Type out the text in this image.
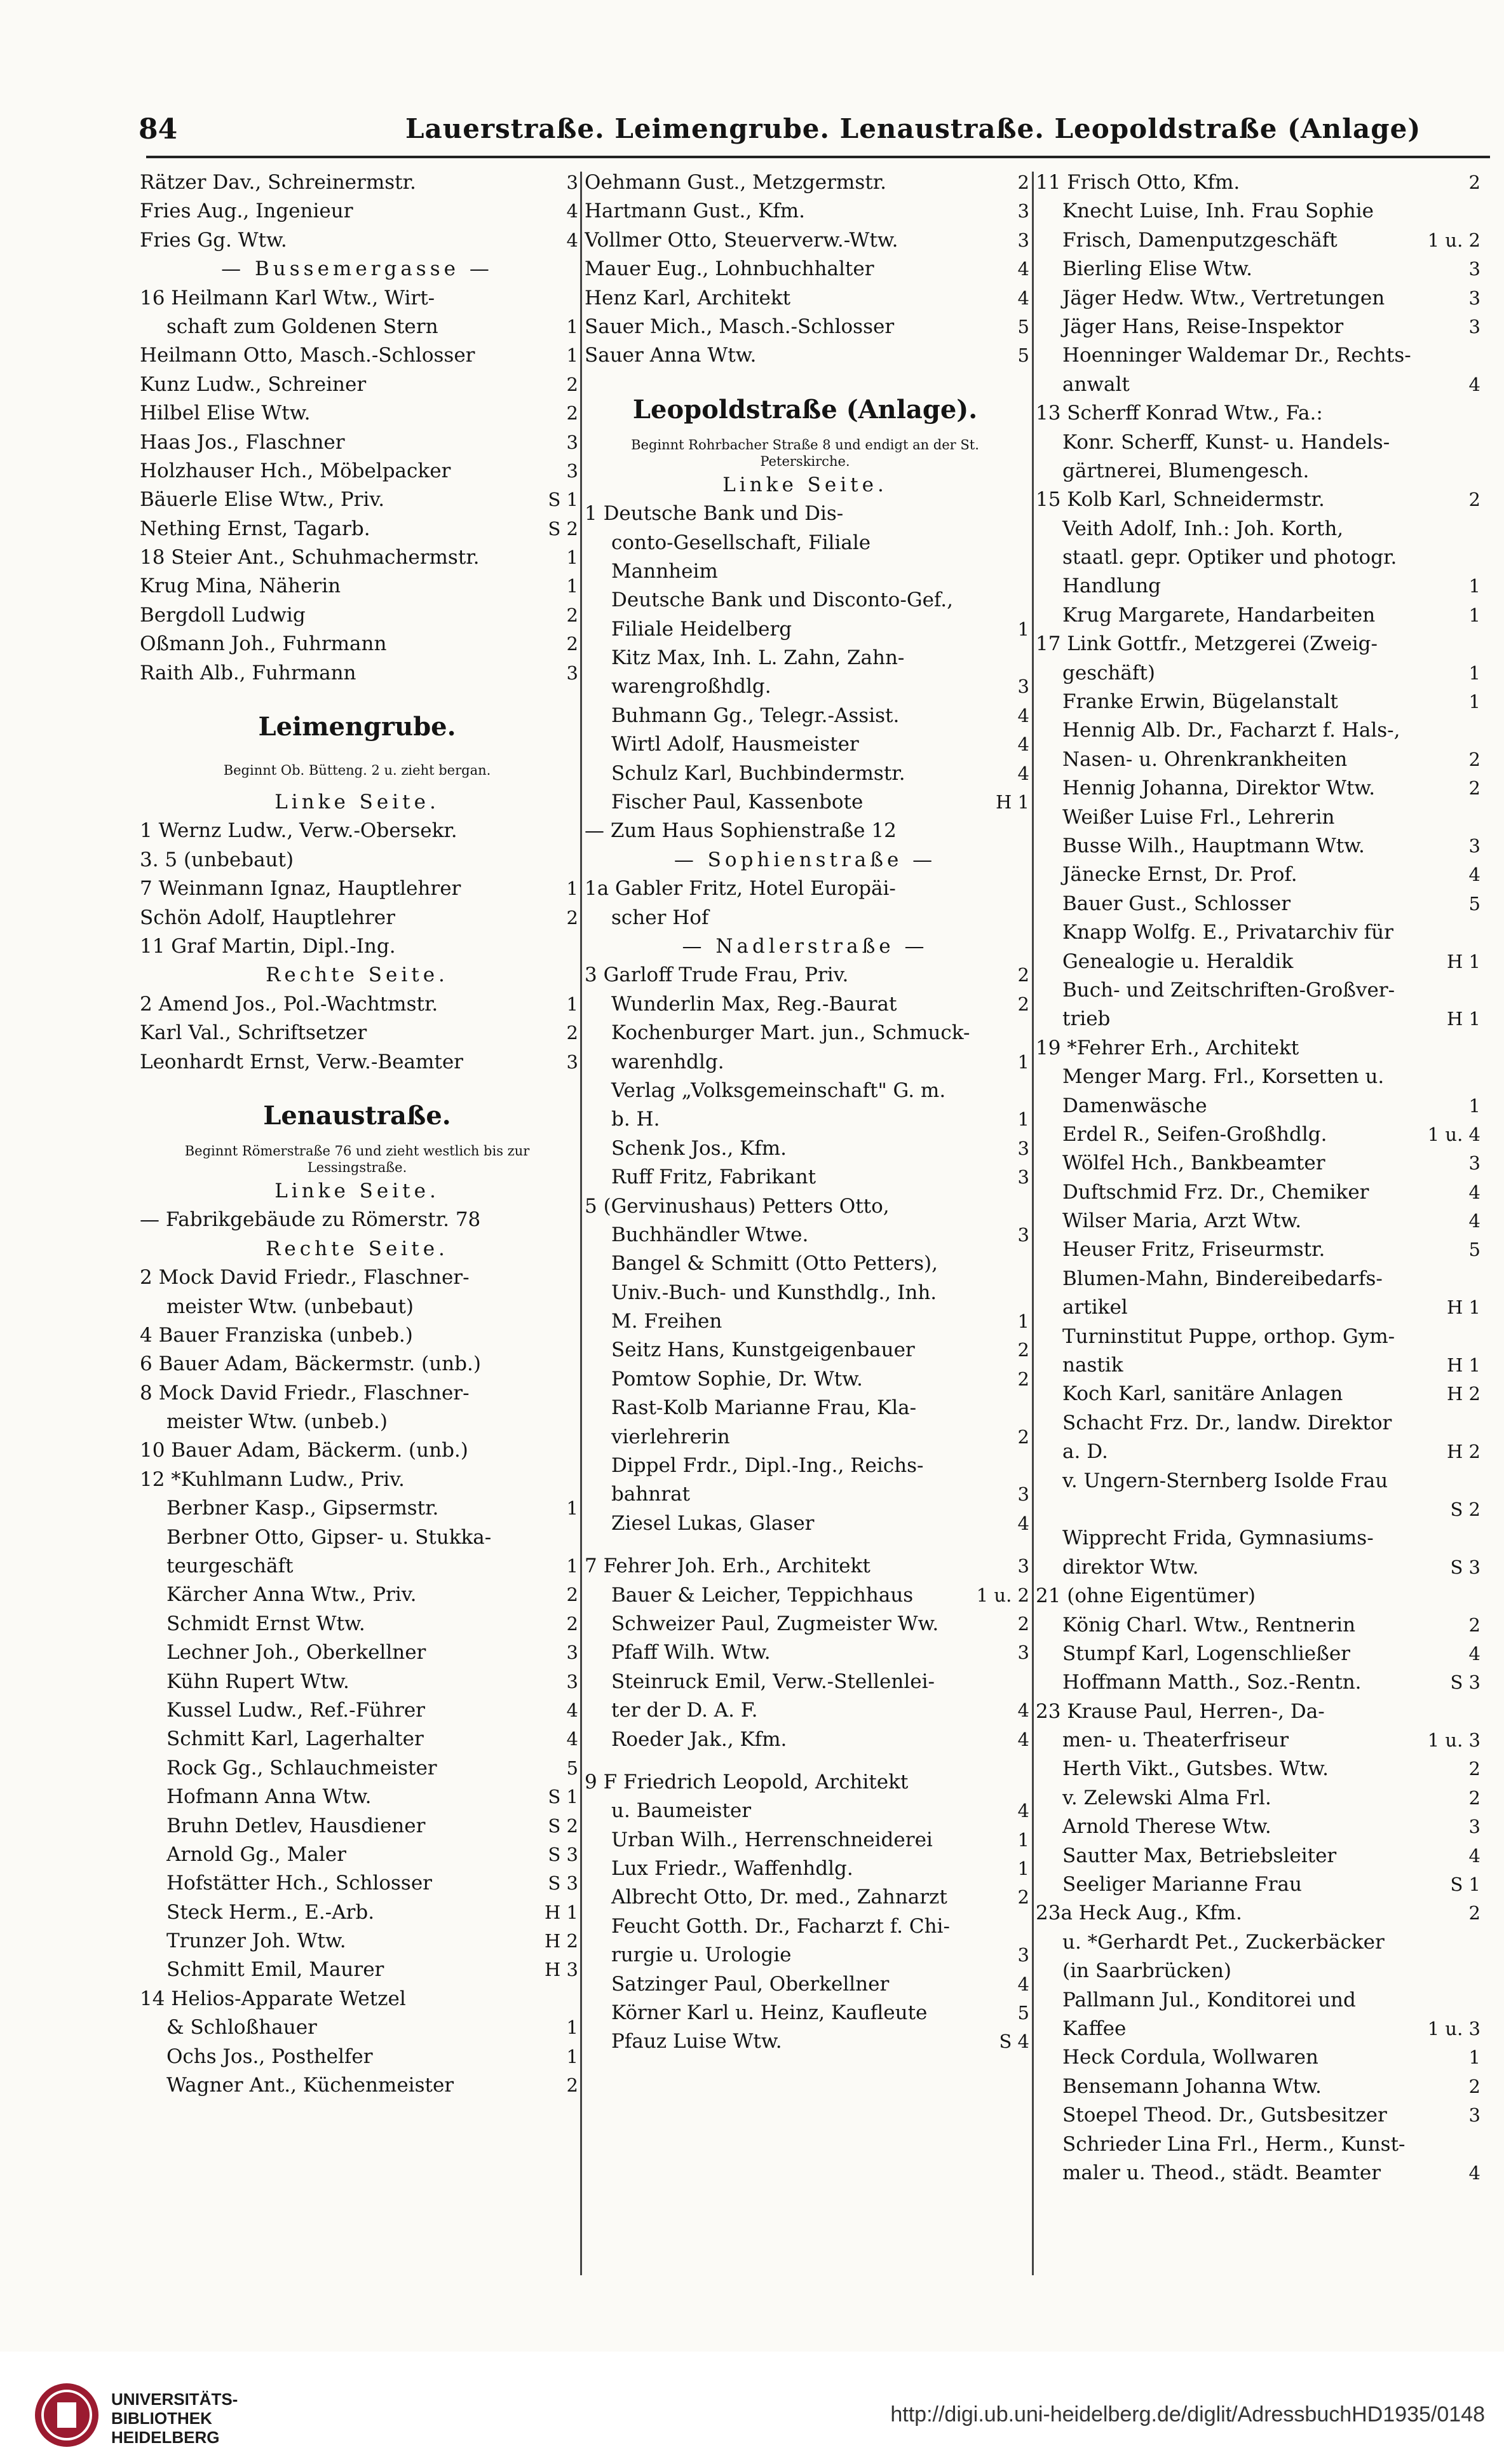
84	Lauerstraße. Leimengrube. Lenaustraße. Leopoldstraße (Anlage)
Rätzer Dav., Schreinermstr.	3
Fries Aug., Ingenieur	4
Fries Gg. Wtw.	4
— Bussemergasse —
16 Heilmann Karl Wtw., Wirt-
schaft zum Goldenen Stern	1
Heilmann Otto, Masch.-Schlosser	1
Kunz Ludw., Schreiner	2
Hilbel Elise Wtw.	2
Haas Jos., Flaschner	3
Holzhauser Hch., Möbelpacker	3
Bäuerle Elise Wtw., Priv.	S 1
Nething Ernst, Tagarb.	S 2
18 Steier Ant., Schuhmachermstr.	1
Krug Mina, Näherin	1
Bergdoll Ludwig	2
Oßmann Joh., Fuhrmann	2
Raith Alb., Fuhrmann	3
Leimengrube.
Beginnt Ob. Bütteng. 2 u. zieht bergan.
Linke Seite.
1 Wernz Ludw., Verw.-Obersekr.
3. 5 (unbebaut)
7 Weinmann Ignaz, Hauptlehrer	1
Schön Adolf, Hauptlehrer	2
11 Graf Martin, Dipl.-Ing.
Rechte Seite.
2 Amend Jos., Pol.-Wachtmstr.	1
Karl Val., Schriftsetzer	2
Leonhardt Ernst, Verw.-Beamter	3
Lenaustraße.
Beginnt Römerstraße 76 und zieht westlich bis zur Lessingstraße.
Linke Seite.
— Fabrikgebäude zu Römerstr. 78
Rechte Seite.
2 Mock David Friedr., Flaschner-
meister Wtw. (unbebaut)
4 Bauer Franziska (unbeb.)
6 Bauer Adam, Bäckermstr. (unb.)
8 Mock David Friedr., Flaschner-
meister Wtw. (unbeb.)
10 Bauer Adam, Bäckerm. (unb.)
12 *Kuhlmann Ludw., Priv.
Berbner Kasp., Gipsermstr.	1
Berbner Otto, Gipser- u. Stukka-
teurgeschäft	1
Kärcher Anna Wtw., Priv.	2
Schmidt Ernst Wtw.	2
Lechner Joh., Oberkellner	3
Kühn Rupert Wtw.	3
Kussel Ludw., Ref.-Führer	4
Schmitt Karl, Lagerhalter	4
Rock Gg., Schlauchmeister	5
Hofmann Anna Wtw.	S 1
Bruhn Detlev, Hausdiener	S 2
Arnold Gg., Maler	S 3
Hofstätter Hch., Schlosser	S 3
Steck Herm., E.-Arb.	H 1
Trunzer Joh. Wtw.	H 2
Schmitt Emil, Maurer	H 3
14 Helios-Apparate Wetzel
& Schloßhauer	1
Ochs Jos., Posthelfer	1
Wagner Ant., Küchenmeister	2
Oehmann Gust., Metzgermstr.	2
Hartmann Gust., Kfm.	3
Vollmer Otto, Steuerverw.-Wtw.	3
Mauer Eug., Lohnbuchhalter	4
Henz Karl, Architekt	4
Sauer Mich., Masch.-Schlosser	5
Sauer Anna Wtw.	5
Leopoldstraße (Anlage).
Beginnt Rohrbacher Straße 8 und endigt an der St. Peterskirche.
Linke Seite.
1 Deutsche Bank und Dis-
conto-Gesellschaft, Filiale
Mannheim
Deutsche Bank und Disconto-Gef.,
Filiale Heidelberg	1
Kitz Max, Inh. L. Zahn, Zahn-
warengroßhdlg.	3
Buhmann Gg., Telegr.-Assist.	4
Wirtl Adolf, Hausmeister	4
Schulz Karl, Buchbindermstr.	4
Fischer Paul, Kassenbote	H 1
— Zum Haus Sophienstraße 12
— Sophienstraße —
1a Gabler Fritz, Hotel Europäi-
scher Hof
— Nadlerstraße —
3 Garloff Trude Frau, Priv.	2
Wunderlin Max, Reg.-Baurat	2
Kochenburger Mart. jun., Schmuck-
warenhdlg.	1
Verlag „Volksgemeinschaft" G. m.
b. H.	1
Schenk Jos., Kfm.	3
Ruff Fritz, Fabrikant	3
5 (Gervinushaus) Petters Otto,
Buchhändler Wtwe.	3
Bangel & Schmitt (Otto Petters),
Univ.-Buch- und Kunsthdlg., Inh.
M. Freihen	1
Seitz Hans, Kunstgeigenbauer	2
Pomtow Sophie, Dr. Wtw.	2
Rast-Kolb Marianne Frau, Kla-
vierlehrerin	2
Dippel Frdr., Dipl.-Ing., Reichs-
bahnrat	3
Ziesel Lukas, Glaser	4
7 Fehrer Joh. Erh., Architekt	3
Bauer & Leicher, Teppichhaus	1 u. 2
Schweizer Paul, Zugmeister Ww.	2
Pfaff Wilh. Wtw.	3
Steinruck Emil, Verw.-Stellenlei-
ter der D. A. F.	4
Roeder Jak., Kfm.	4
9 F Friedrich Leopold, Architekt
u. Baumeister	4
Urban Wilh., Herrenschneiderei	1
Lux Friedr., Waffenhdlg.	1
Albrecht Otto, Dr. med., Zahnarzt	2
Feucht Gotth. Dr., Facharzt f. Chi-
rurgie u. Urologie	3
Satzinger Paul, Oberkellner	4
Körner Karl u. Heinz, Kaufleute	5
Pfauz Luise Wtw.	S 4
11 Frisch Otto, Kfm.	2
Knecht Luise, Inh. Frau Sophie
Frisch, Damenputzgeschäft	1 u. 2
Bierling Elise Wtw.	3
Jäger Hedw. Wtw., Vertretungen	3
Jäger Hans, Reise-Inspektor	3
Hoenninger Waldemar Dr., Rechts-
anwalt	4
13 Scherff Konrad Wtw., Fa.:
Konr. Scherff, Kunst- u. Handels-
gärtnerei, Blumengesch.
15 Kolb Karl, Schneidermstr.	2
Veith Adolf, Inh.: Joh. Korth,
staatl. gepr. Optiker und photogr.
Handlung	1
Krug Margarete, Handarbeiten	1
17 Link Gottfr., Metzgerei (Zweig-
geschäft)	1
Franke Erwin, Bügelanstalt	1
Hennig Alb. Dr., Facharzt f. Hals-,
Nasen- u. Ohrenkrankheiten	2
Hennig Johanna, Direktor Wtw.	2
Weißer Luise Frl., Lehrerin
Busse Wilh., Hauptmann Wtw.	3
Jänecke Ernst, Dr. Prof.	4
Bauer Gust., Schlosser	5
Knapp Wolfg. E., Privatarchiv für
Genealogie u. Heraldik	H 1
Buch- und Zeitschriften-Großver-
trieb	H 1
19 *Fehrer Erh., Architekt
Menger Marg. Frl., Korsetten u.
Damenwäsche	1
Erdel R., Seifen-Großhdlg.	1 u. 4
Wölfel Hch., Bankbeamter	3
Duftschmid Frz. Dr., Chemiker	4
Wilser Maria, Arzt Wtw.	4
Heuser Fritz, Friseurmstr.	5
Blumen-Mahn, Bindereibedarfs-
artikel	H 1
Turninstitut Puppe, orthop. Gym-
nastik	H 1
Koch Karl, sanitäre Anlagen	H 2
Schacht Frz. Dr., landw. Direktor
a. D.	H 2
v. Ungern-Sternberg Isolde Frau
S 2
Wipprecht Frida, Gymnasiums-
direktor Wtw.	S 3
21 (ohne Eigentümer)
König Charl. Wtw., Rentnerin	2
Stumpf Karl, Logenschließer	4
Hoffmann Matth., Soz.-Rentn.	S 3
23 Krause Paul, Herren-, Da-
men- u. Theaterfriseur	1 u. 3
Herth Vikt., Gutsbes. Wtw.	2
v. Zelewski Alma Frl.	2
Arnold Therese Wtw.	3
Sautter Max, Betriebsleiter	4
Seeliger Marianne Frau	S 1
23a Heck Aug., Kfm.	2
u. *Gerhardt Pet., Zuckerbäcker
(in Saarbrücken)
Pallmann Jul., Konditorei und
Kaffee	1 u. 3
Heck Cordula, Wollwaren	1
Bensemann Johanna Wtw.	2
Stoepel Theod. Dr., Gutsbesitzer	3
Schrieder Lina Frl., Herm., Kunst-
maler u. Theod., städt. Beamter	4
UNIVERSITÄTS-
BIBLIOTHEK
HEIDELBERG
http://digi.ub.uni-heidelberg.de/diglit/AdressbuchHD1935/0148
